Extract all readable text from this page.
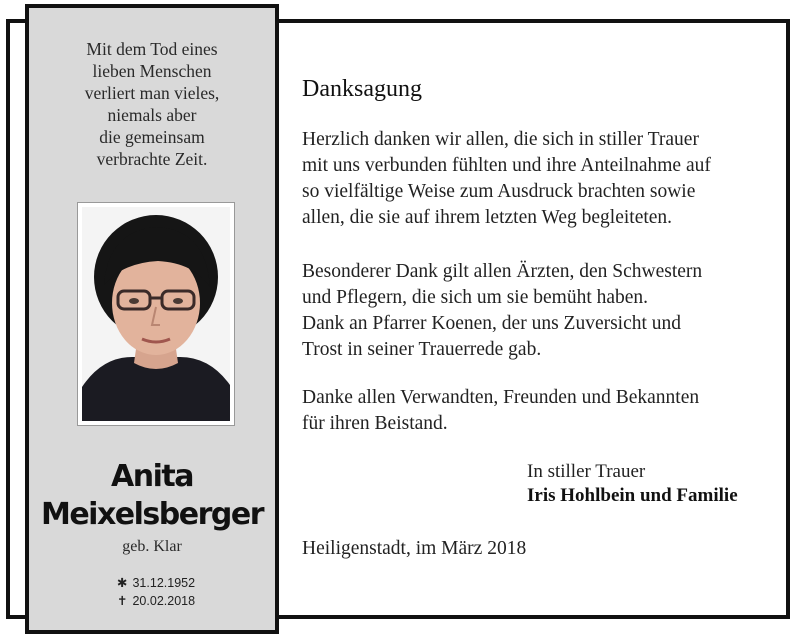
Mit dem Tod eines
lieben Menschen
verliert man vieles,
niemals aber
die gemeinsam
verbrachte Zeit.
Anita
Meixelsberger
geb. Klar
✱ 31.12.1952
✝ 20.02.2018
Danksagung
Herzlich danken wir allen, die sich in stiller Trauer
mit uns verbunden fühlten und ihre Anteilnahme auf
so vielfältige Weise zum Ausdruck brachten sowie
allen, die sie auf ihrem letzten Weg begleiteten.
Besonderer Dank gilt allen Ärzten, den Schwestern
und Pflegern, die sich um sie bemüht haben.
Dank an Pfarrer Koenen, der uns Zuversicht und
Trost in seiner Trauerrede gab.
Danke allen Verwandten, Freunden und Bekannten
für ihren Beistand.
In stiller Trauer
Iris Hohlbein und Familie
Heiligenstadt, im März 2018
